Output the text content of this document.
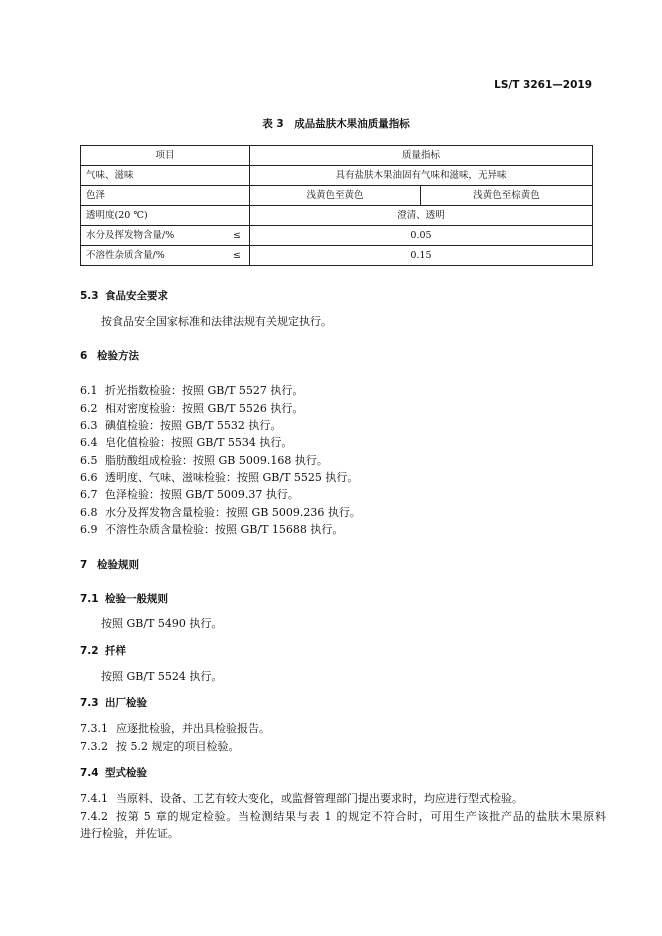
LS/T 3261—2019
表 3　成品盐肤木果油质量指标
项目	质量指标	
气味、滋味	具有盐肤木果油固有气味和滋味，无异味	
色泽	浅黄色至黄色	浅黄色至棕黄色
透明度(20 ℃)	澄清、透明	
水分及挥发物含量/% ≤	0.05	
不溶性杂质含量/% ≤	0.15	
5.3 食品安全要求
按食品安全国家标准和法律法规有关规定执行。
6 检验方法
6.1 折光指数检验：按照 GB/T 5527 执行。
6.2 相对密度检验：按照 GB/T 5526 执行。
6.3 碘值检验：按照 GB/T 5532 执行。
6.4 皂化值检验：按照 GB/T 5534 执行。
6.5 脂肪酸组成检验：按照 GB 5009.168 执行。
6.6 透明度、气味、滋味检验：按照 GB/T 5525 执行。
6.7 色泽检验：按照 GB/T 5009.37 执行。
6.8 水分及挥发物含量检验：按照 GB 5009.236 执行。
6.9 不溶性杂质含量检验：按照 GB/T 15688 执行。
7 检验规则
7.1 检验一般规则
按照 GB/T 5490 执行。
7.2 扦样
按照 GB/T 5524 执行。
7.3 出厂检验
7.3.1 应逐批检验，并出具检验报告。
7.3.2 按 5.2 规定的项目检验。
7.4 型式检验
7.4.1 当原料、设备、工艺有较大变化，或监督管理部门提出要求时，均应进行型式检验。
7.4.2 按第 5 章的规定检验。当检测结果与表 1 的规定不符合时，可用生产该批产品的盐肤木果原料
进行检验，并佐证。
